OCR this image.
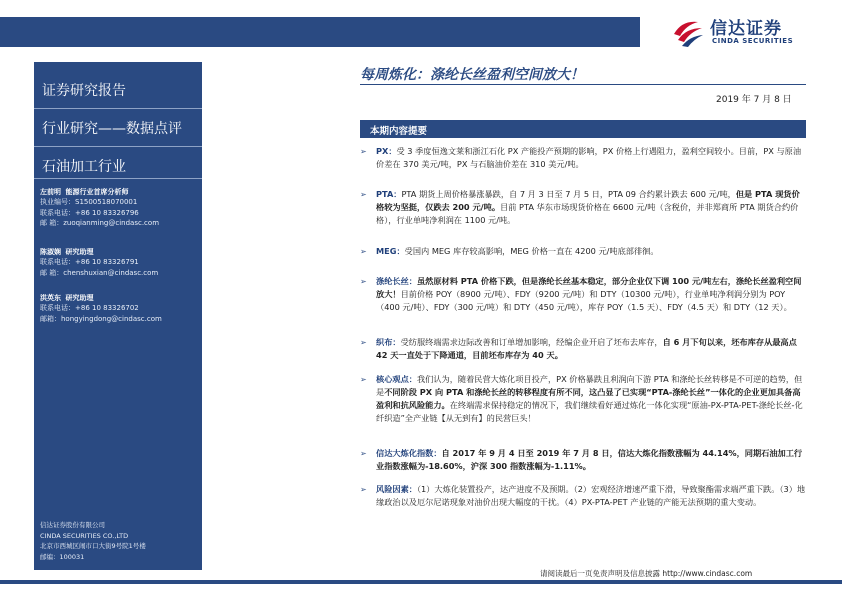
信达证券
CINDA SECURITIES
证券研究报告
行业研究——数据点评
石油加工行业
左前明 能源行业首席分析师
执业编号：S1500518070001
联系电话：+86 10 83326796
邮 箱：zuoqianming@cindasc.com
陈淑娴 研究助理
联系电话：+86 10 83326791
邮 箱：chenshuxian@cindasc.com
洪英东 研究助理
联系电话：+86 10 83326702
邮箱：hongyingdong@cindasc.com
信达证券股份有限公司
CINDA SECURITIES CO.,LTD
北京市西城区闹市口大街9号院1号楼
邮编：100031
每周炼化：涤纶长丝盈利空间放大！
2019 年 7 月 8 日
本期内容提要
➢ PX：受 3 季度恒逸文莱和浙江石化 PX 产能投产预期的影响，PX 价格上行遇阻力，盈利空间较小。目前，PX 与原油价差在 370 美元/吨，PX 与石脑油价差在 310 美元/吨。
➢ PTA：PTA 期货上周价格暴涨暴跌，自 7 月 3 日至 7 月 5 日，PTA 09 合约累计跌去 600 元/吨，但是 PTA 现货价格较为坚挺，仅跌去 200 元/吨。目前 PTA 华东市场现货价格在 6600 元/吨（含税价，并非郑商所 PTA 期货合约价格），行业单吨净利润在 1100 元/吨。
➢ MEG：受国内 MEG 库存较高影响，MEG 价格一直在 4200 元/吨底部徘徊。
➢ 涤纶长丝：虽然原材料 PTA 价格下跌，但是涤纶长丝基本稳定，部分企业仅下调 100 元/吨左右，涤纶长丝盈利空间放大！目前价格 POY（8900 元/吨）、FDY（9200 元/吨）和 DTY（10300 元/吨），行业单吨净利润分别为 POY（400 元/吨）、FDY（300 元/吨）和 DTY（450 元/吨），库存 POY（1.5 天）、FDY（4.5 天）和 DTY（12 天）。
➢ 织布：受纺服终端需求边际改善和订单增加影响，经编企业开启了坯布去库存，自 6 月下旬以来，坯布库存从最高点 42 天一直处于下降通道，目前坯布库存为 40 天。
➢ 核心观点：我们认为，随着民营大炼化项目投产，PX 价格暴跌且利润向下游 PTA 和涤纶长丝转移是不可逆的趋势，但是不同阶段 PX 向 PTA 和涤纶长丝的转移程度有所不同，这凸显了已实现“PTA-涤纶长丝”一体化的企业更加具备高盈利和抗风险能力。在终端需求保持稳定的情况下，我们继续看好通过炼化一体化实现“原油-PX-PTA-PET-涤纶长丝-化纤织造”全产业链【从无到有】的民营巨头！
➢ 信达大炼化指数：自 2017 年 9 月 4 日至 2019 年 7 月 8 日，信达大炼化指数涨幅为 44.14%，同期石油加工行业指数涨幅为-18.60%，沪深 300 指数涨幅为-1.11%。
➢ 风险因素：（1）大炼化装置投产，达产进度不及预期。（2）宏观经济增速严重下滑，导致聚酯需求端严重下跌。（3）地缘政治以及厄尔尼诺现象对油价出现大幅度的干扰。（4）PX-PTA-PET 产业链的产能无法预期的重大变动。
请阅读最后一页免责声明及信息披露 http://www.cindasc.com
